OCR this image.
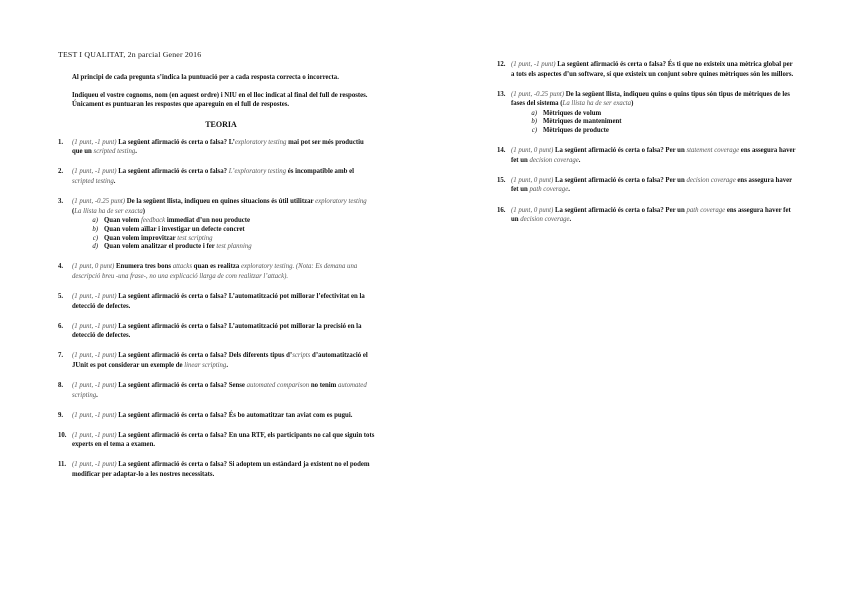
TEST I QUALITAT, 2n parcial Gener 2016

Al principi de cada pregunta s’indica la puntuació per a cada resposta correcta o incorrecta.

Indiqueu el vostre cognoms, nom (en aquest ordre) i NIU en el lloc indicat al final del full de respostes. Únicament es puntuaran les respostes que apareguin en el full de respostes.

TEORIA
1.	(1 punt, -1 punt) La següent afirmació és certa o falsa? L’exploratory testing mai pot ser més productiu que un scripted testing.
2.	(1 punt, -1 punt) La següent afirmació és certa o falsa? L’exploratory testing és incompatible amb el scripted testing.
3.	(1 punt, -0.25 punt) De la següent llista, indiqueu en quines situacions és útil utilitzar exploratory testing (La llista ha de ser exacta)
a) Quan volem feedback immediat d’un nou producte
b) Quan volem aïllar i investigar un defecte concret
c) Quan volem improvitzar test scripting
d) Quan volem analitzar el producte i fer test planning
4.	(1 punt, 0 punt) Enumera tres bons attacks quan es realitza exploratory testing. (Nota: Es demana una descripció breu -una frase-, no una explicació llarga de com realitzar l’attack).
5.	(1 punt, -1 punt) La següent afirmació és certa o falsa? L’automatització pot millorar l’efectivitat en la detecció de defectes.
6.	(1 punt, -1 punt) La següent afirmació és certa o falsa? L’automatització pot millorar la precisió en la detecció de defectes.
7.	(1 punt, -1 punt) La següent afirmació és certa o falsa? Dels diferents tipus d’scripts d’automatització el JUnit es pot considerar un exemple de linear scripting.
8.	(1 punt, -1 punt) La següent afirmació és certa o falsa? Sense automated comparison no tenim automated scripting.
9.	(1 punt, -1 punt) La següent afirmació és certa o falsa? És bo automatitzar tan aviat com es pugui.
10. (1 punt, -1 punt) La següent afirmació és certa o falsa? En una RTF, els participants no cal que siguin tots experts en el tema a examen.
11. (1 punt, -1 punt) La següent afirmació és certa o falsa? Si adoptem un estàndard ja existent no el podem modificar per adaptar-lo a les nostres necessitats.
12. (1 punt, -1 punt) La següent afirmació és certa o falsa? És ti que no existeix una mètrica global per a tots els aspectes d’un software, sí que existeix un conjunt sobre quines mètriques són les millors.
13. (1 punt, -0.25 punt) De la següent llista, indiqueu quins o quins tipus són tipus de mètriques de les fases del sistema (La llista ha de ser exacta)
a) Mètriques de volum
b) Mètriques de manteniment
c) Mètriques de producte
14. (1 punt, 0 punt) La següent afirmació és certa o falsa? Per un statement coverage ens assegura haver fet un decision coverage.
15. (1 punt, 0 punt) La següent afirmació és certa o falsa? Per un decision coverage ens assegura haver fet un path coverage.
16. (1 punt, 0 punt) La següent afirmació és certa o falsa? Per un path coverage ens assegura haver fet un decision coverage.
